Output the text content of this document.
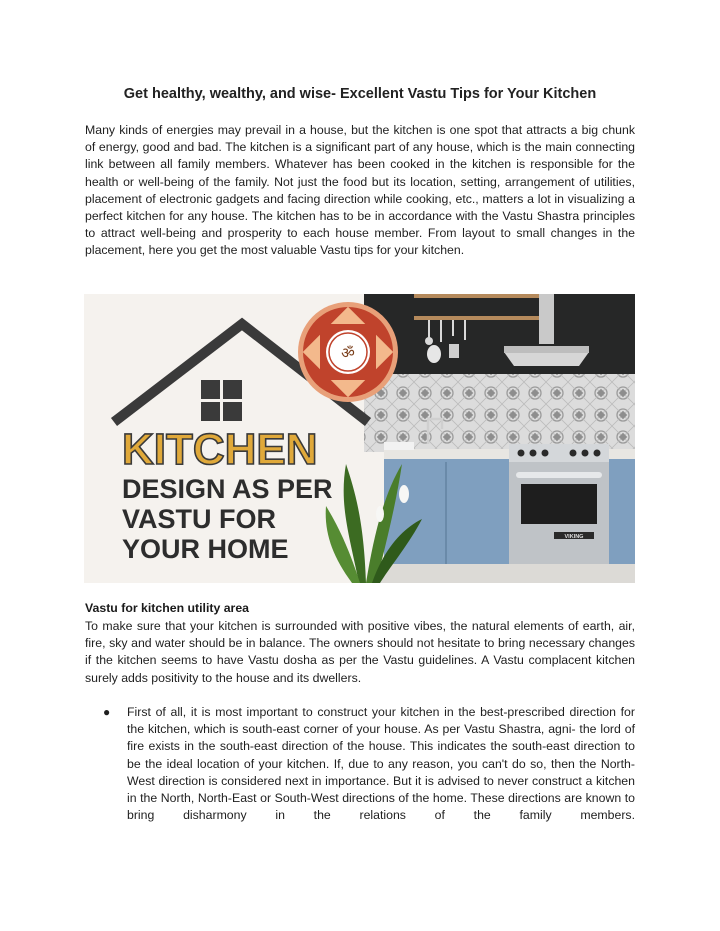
Get healthy, wealthy, and wise- Excellent Vastu Tips for Your Kitchen
Many kinds of energies may prevail in a house, but the kitchen is one spot that attracts a big chunk of energy, good and bad. The kitchen is a significant part of any house, which is the main connecting link between all family members. Whatever has been cooked in the kitchen is responsible for the health or well-being of the family. Not just the food but its location, setting, arrangement of utilities, placement of electronic gadgets and facing direction while cooking, etc., matters a lot in visualizing a perfect kitchen for any house. The kitchen has to be in accordance with the Vastu Shastra principles to attract well-being and prosperity to each house member. From layout to small changes in the placement, here you get the most valuable Vastu tips for your kitchen.
VIKING
ॐ
KITCHEN
DESIGN AS PER
VASTU FOR
YOUR HOME
Vastu for kitchen utility area
To make sure that your kitchen is surrounded with positive vibes, the natural elements of earth, air, fire, sky and water should be in balance. The owners should not hesitate to bring necessary changes if the kitchen seems to have Vastu dosha as per the Vastu guidelines. A Vastu complacent kitchen surely adds positivity to the house and its dwellers.
● First of all, it is most important to construct your kitchen in the best-prescribed direction for the kitchen, which is south-east corner of your house. As per Vastu Shastra, agni- the lord of fire exists in the south-east direction of the house. This indicates the south-east direction to be the ideal location of your kitchen. If, due to any reason, you can't do so, then the North-West direction is considered next in importance. But it is advised to never construct a kitchen in the North, North-East or South-West directions of the home. These directions are known to bring disharmony in the relations of the family members.
